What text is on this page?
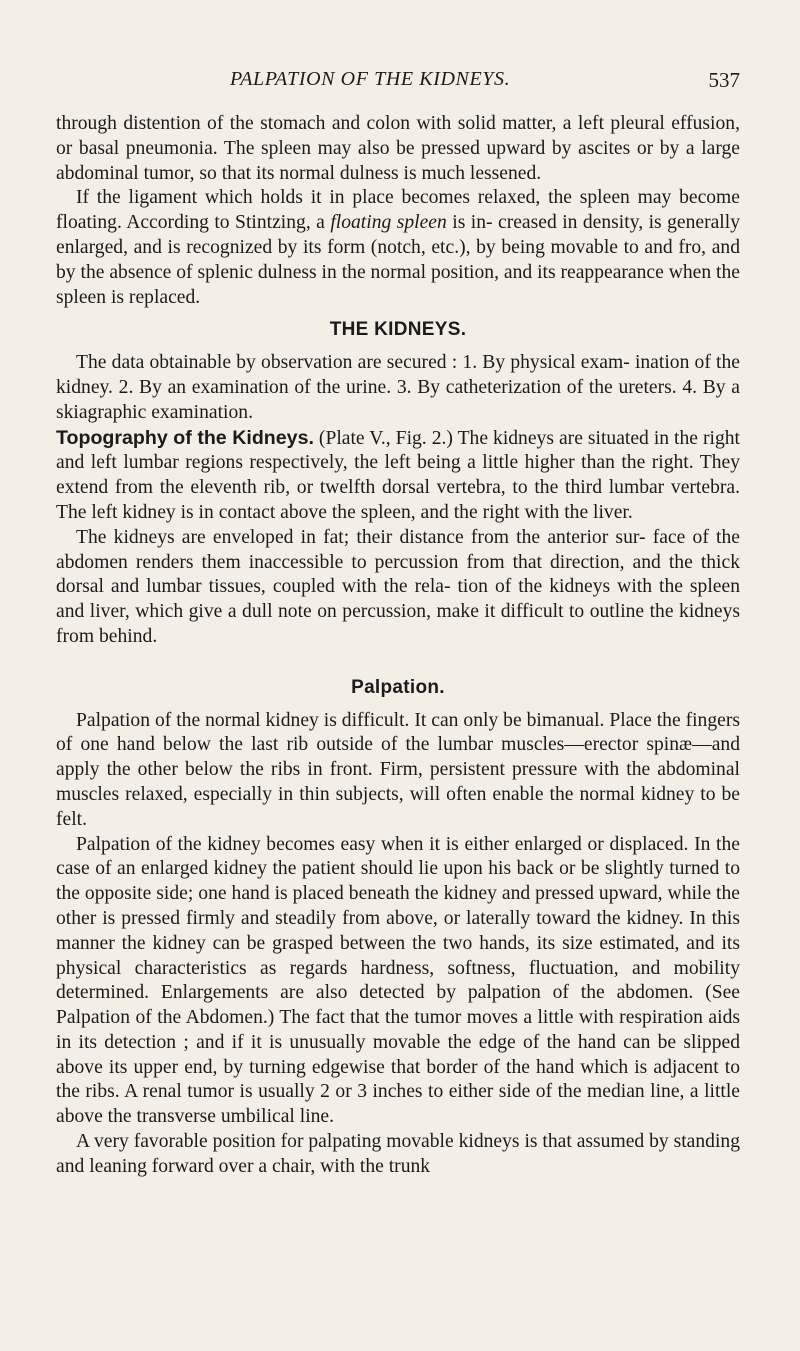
PALPATION OF THE KIDNEYS.	537

through distention of the stomach and colon with solid matter, a left pleural effusion, or basal pneumonia. The spleen may also be pressed upward by ascites or by a large abdominal tumor, so that its normal dulness is much lessened.

If the ligament which holds it in place becomes relaxed, the spleen may become floating. According to Stintzing, a floating spleen is in- creased in density, is generally enlarged, and is recognized by its form (notch, etc.), by being movable to and fro, and by the absence of splenic dulness in the normal position, and its reappearance when the spleen is replaced.

THE KIDNEYS.

The data obtainable by observation are secured : 1. By physical exam- ination of the kidney. 2. By an examination of the urine. 3. By catheterization of the ureters. 4. By a skiagraphic examination.

Topography of the Kidneys. (Plate V., Fig. 2.) The kidneys are situated in the right and left lumbar regions respectively, the left being a little higher than the right. They extend from the eleventh rib, or twelfth dorsal vertebra, to the third lumbar vertebra. The left kidney is in contact above the spleen, and the right with the liver.

The kidneys are enveloped in fat; their distance from the anterior sur- face of the abdomen renders them inaccessible to percussion from that direction, and the thick dorsal and lumbar tissues, coupled with the rela- tion of the kidneys with the spleen and liver, which give a dull note on percussion, make it difficult to outline the kidneys from behind.

Palpation.

Palpation of the normal kidney is difficult. It can only be bimanual. Place the fingers of one hand below the last rib outside of the lumbar muscles—erector spinæ—and apply the other below the ribs in front. Firm, persistent pressure with the abdominal muscles relaxed, especially in thin subjects, will often enable the normal kidney to be felt.

Palpation of the kidney becomes easy when it is either enlarged or displaced. In the case of an enlarged kidney the patient should lie upon his back or be slightly turned to the opposite side; one hand is placed beneath the kidney and pressed upward, while the other is pressed firmly and steadily from above, or laterally toward the kidney. In this manner the kidney can be grasped between the two hands, its size estimated, and its physical characteristics as regards hardness, softness, fluctuation, and mobility determined. Enlargements are also detected by palpation of the abdomen. (See Palpation of the Abdomen.) The fact that the tumor moves a little with respiration aids in its detection ; and if it is unusually movable the edge of the hand can be slipped above its upper end, by turning edgewise that border of the hand which is adjacent to the ribs. A renal tumor is usually 2 or 3 inches to either side of the median line, a little above the transverse umbilical line.

A very favorable position for palpating movable kidneys is that assumed by standing and leaning forward over a chair, with the trunk
